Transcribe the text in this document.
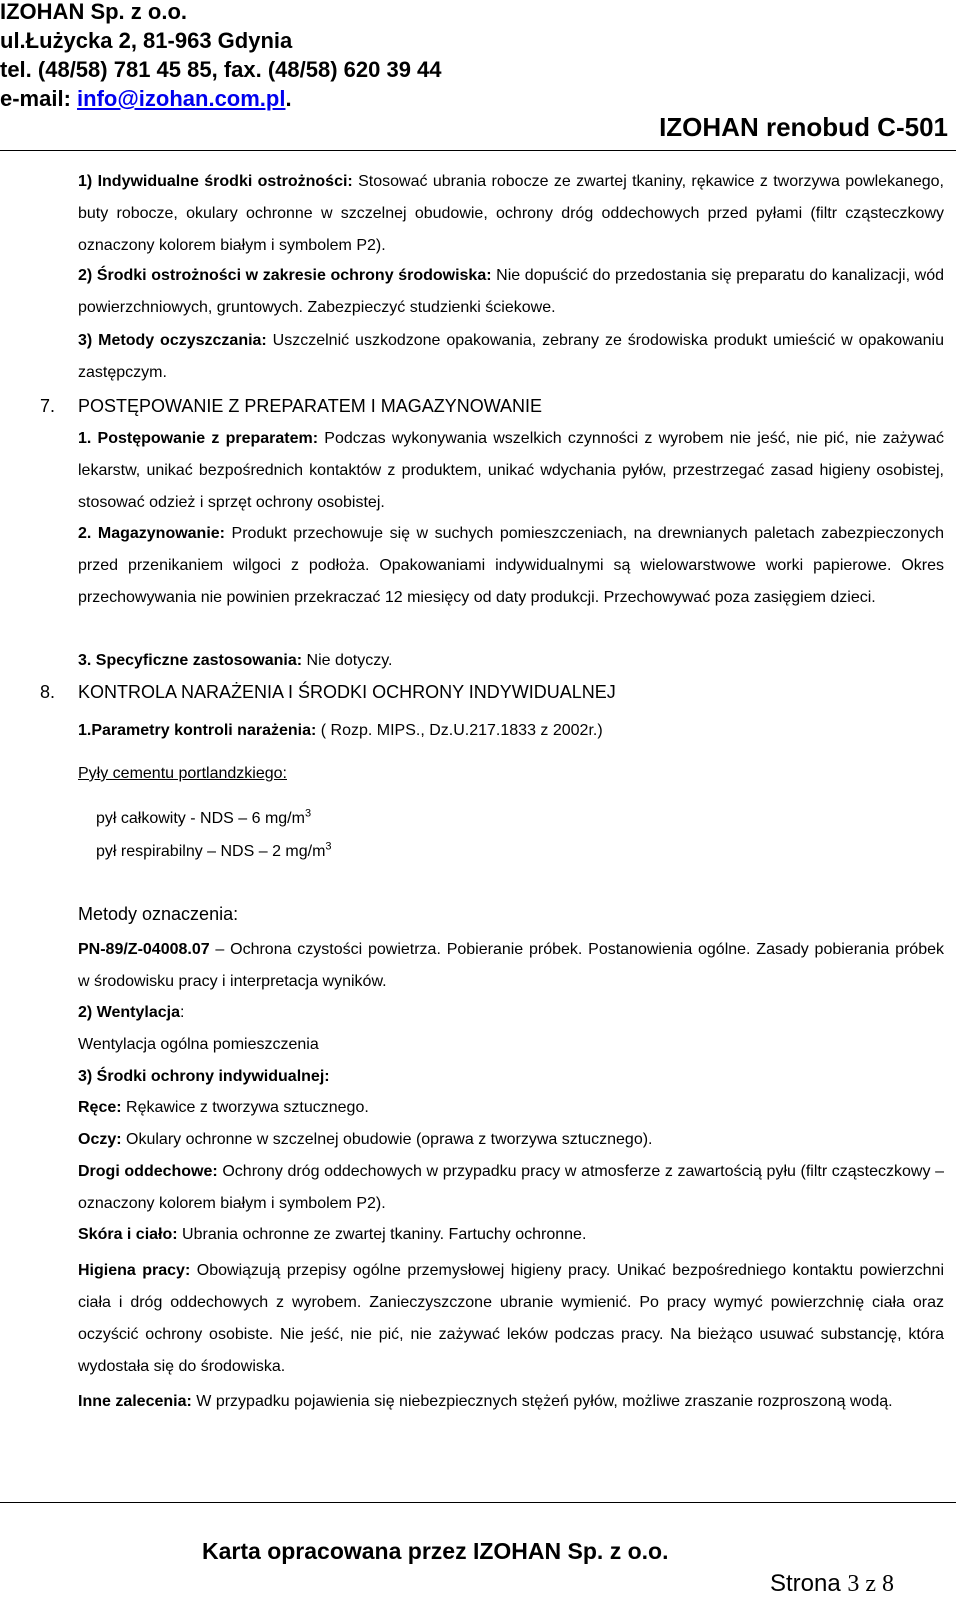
IZOHAN Sp. z o.o.
ul.Łużycka 2, 81-963 Gdynia
tel. (48/58) 781 45 85, fax. (48/58) 620 39 44
e-mail: info@izohan.com.pl.
IZOHAN renobud C-501
1) Indywidualne środki ostrożności: Stosować ubrania robocze ze zwartej tkaniny, rękawice z tworzywa powlekanego, buty robocze, okulary ochronne w szczelnej obudowie, ochrony dróg oddechowych przed pyłami (filtr cząsteczkowy oznaczony kolorem białym i symbolem P2).
2) Środki ostrożności w zakresie ochrony środowiska: Nie dopuścić do przedostania się preparatu do kanalizacji, wód powierzchniowych, gruntowych. Zabezpieczyć studzienki ściekowe.
3) Metody oczyszczania: Uszczelnić uszkodzone opakowania, zebrany ze środowiska produkt umieścić w opakowaniu zastępczym.
7. POSTĘPOWANIE Z PREPARATEM I MAGAZYNOWANIE
1. Postępowanie z preparatem: Podczas wykonywania wszelkich czynności z wyrobem nie jeść, nie pić, nie zażywać lekarstw, unikać bezpośrednich kontaktów z produktem, unikać wdychania pyłów, przestrzegać zasad higieny osobistej, stosować odzież i sprzęt ochrony osobistej.
2. Magazynowanie: Produkt przechowuje się w suchych pomieszczeniach, na drewnianych paletach zabezpieczonych przed przenikaniem wilgoci z podłoża. Opakowaniami indywidualnymi są wielowarstwowe worki papierowe. Okres przechowywania nie powinien przekraczać 12 miesięcy od daty produkcji. Przechowywać poza zasięgiem dzieci.
3. Specyficzne zastosowania: Nie dotyczy.
8. KONTROLA NARAŻENIA I ŚRODKI OCHRONY INDYWIDUALNEJ
1.Parametry kontroli narażenia: ( Rozp. MIPS., Dz.U.217.1833 z 2002r.)
Pyły cementu portlandzkiego:
pył całkowity - NDS – 6 $mg/m^3$
pył respirabilny – NDS – 2 $mg/m^3$
Metody oznaczenia:
PN-89/Z-04008.07 – Ochrona czystości powietrza. Pobieranie próbek. Postanowienia ogólne. Zasady pobierania próbek w środowisku pracy i interpretacja wyników.
2) Wentylacja:
Wentylacja ogólna pomieszczenia
3) Środki ochrony indywidualnej:
Ręce: Rękawice z tworzywa sztucznego.
Oczy: Okulary ochronne w szczelnej obudowie (oprawa z tworzywa sztucznego).
Drogi oddechowe: Ochrony dróg oddechowych w przypadku pracy w atmosferze z zawartością pyłu (filtr cząsteczkowy – oznaczony kolorem białym i symbolem P2).
Skóra i ciało: Ubrania ochronne ze zwartej tkaniny. Fartuchy ochronne.
Higiena pracy: Obowiązują przepisy ogólne przemysłowej higieny pracy. Unikać bezpośredniego kontaktu powierzchni ciała i dróg oddechowych z wyrobem. Zanieczyszczone ubranie wymienić. Po pracy wymyć powierzchnię ciała oraz oczyścić ochrony osobiste. Nie jeść, nie pić, nie zażywać leków podczas pracy. Na bieżąco usuwać substancję, która wydostała się do środowiska.
Inne zalecenia: W przypadku pojawienia się niebezpiecznych stężeń pyłów, możliwe zraszanie rozproszoną wodą.
Karta opracowana przez IZOHAN Sp. z o.o.
Strona 3 z 8
